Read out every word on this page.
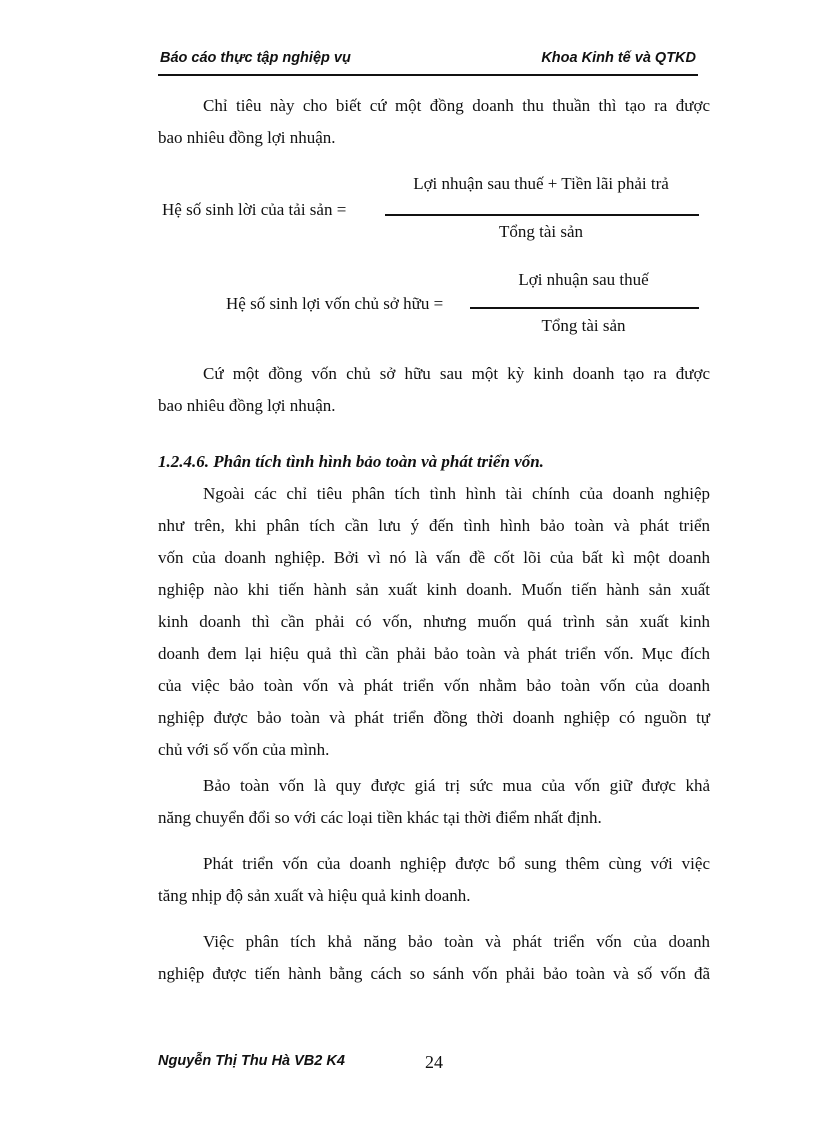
Báo cáo thực tập nghiệp vụ	Khoa Kinh tế và QTKD
Chỉ tiêu này cho biết cứ một đồng doanh thu thuần thì tạo ra được
bao nhiêu đồng lợi nhuận.
Lợi nhuận sau thuế + Tiền lãi phải trả
Hệ số sinh lời của tải sản =
Tổng tài sản
Lợi nhuận sau thuế
Hệ số sinh lợi vốn chủ sở hữu =
Tổng tài sản
Cứ một đồng vốn chủ sở hữu sau một kỳ kinh doanh tạo ra được
bao nhiêu đồng lợi nhuận.
1.2.4.6. Phân tích tình hình bảo toàn và phát triển vốn.
Ngoài các chỉ tiêu phân tích tình hình tài chính của doanh nghiệp
như trên, khi phân tích cần lưu ý đến tình hình bảo toàn và phát triển
vốn của doanh nghiệp. Bởi vì nó là vấn đề cốt lõi của bất kì một doanh
nghiệp nào khi tiến hành sản xuất kinh doanh. Muốn tiến hành sản xuất
kinh doanh thì cần phải có vốn, nhưng muốn quá trình sản xuất kinh
doanh đem lại hiệu quả thì cần phải bảo toàn và phát triển vốn. Mục đích
của việc bảo toàn vốn và phát triển vốn nhằm bảo toàn vốn của doanh
nghiệp được bảo toàn và phát triển đồng thời doanh nghiệp có nguồn tự
chủ với số vốn của mình.
Bảo toàn vốn là quy được giá trị sức mua của vốn giữ được khả
năng chuyển đổi so với các loại tiền khác tại thời điểm nhất định.
Phát triển vốn của doanh nghiệp được bổ sung thêm cùng với việc
tăng nhịp độ sản xuất và hiệu quả kinh doanh.
Việc phân tích khả năng bảo toàn và phát triển vốn của doanh
nghiệp được tiến hành bằng cách so sánh vốn phải bảo toàn và số vốn đã
Nguyễn Thị Thu Hà VB2 K4	24
